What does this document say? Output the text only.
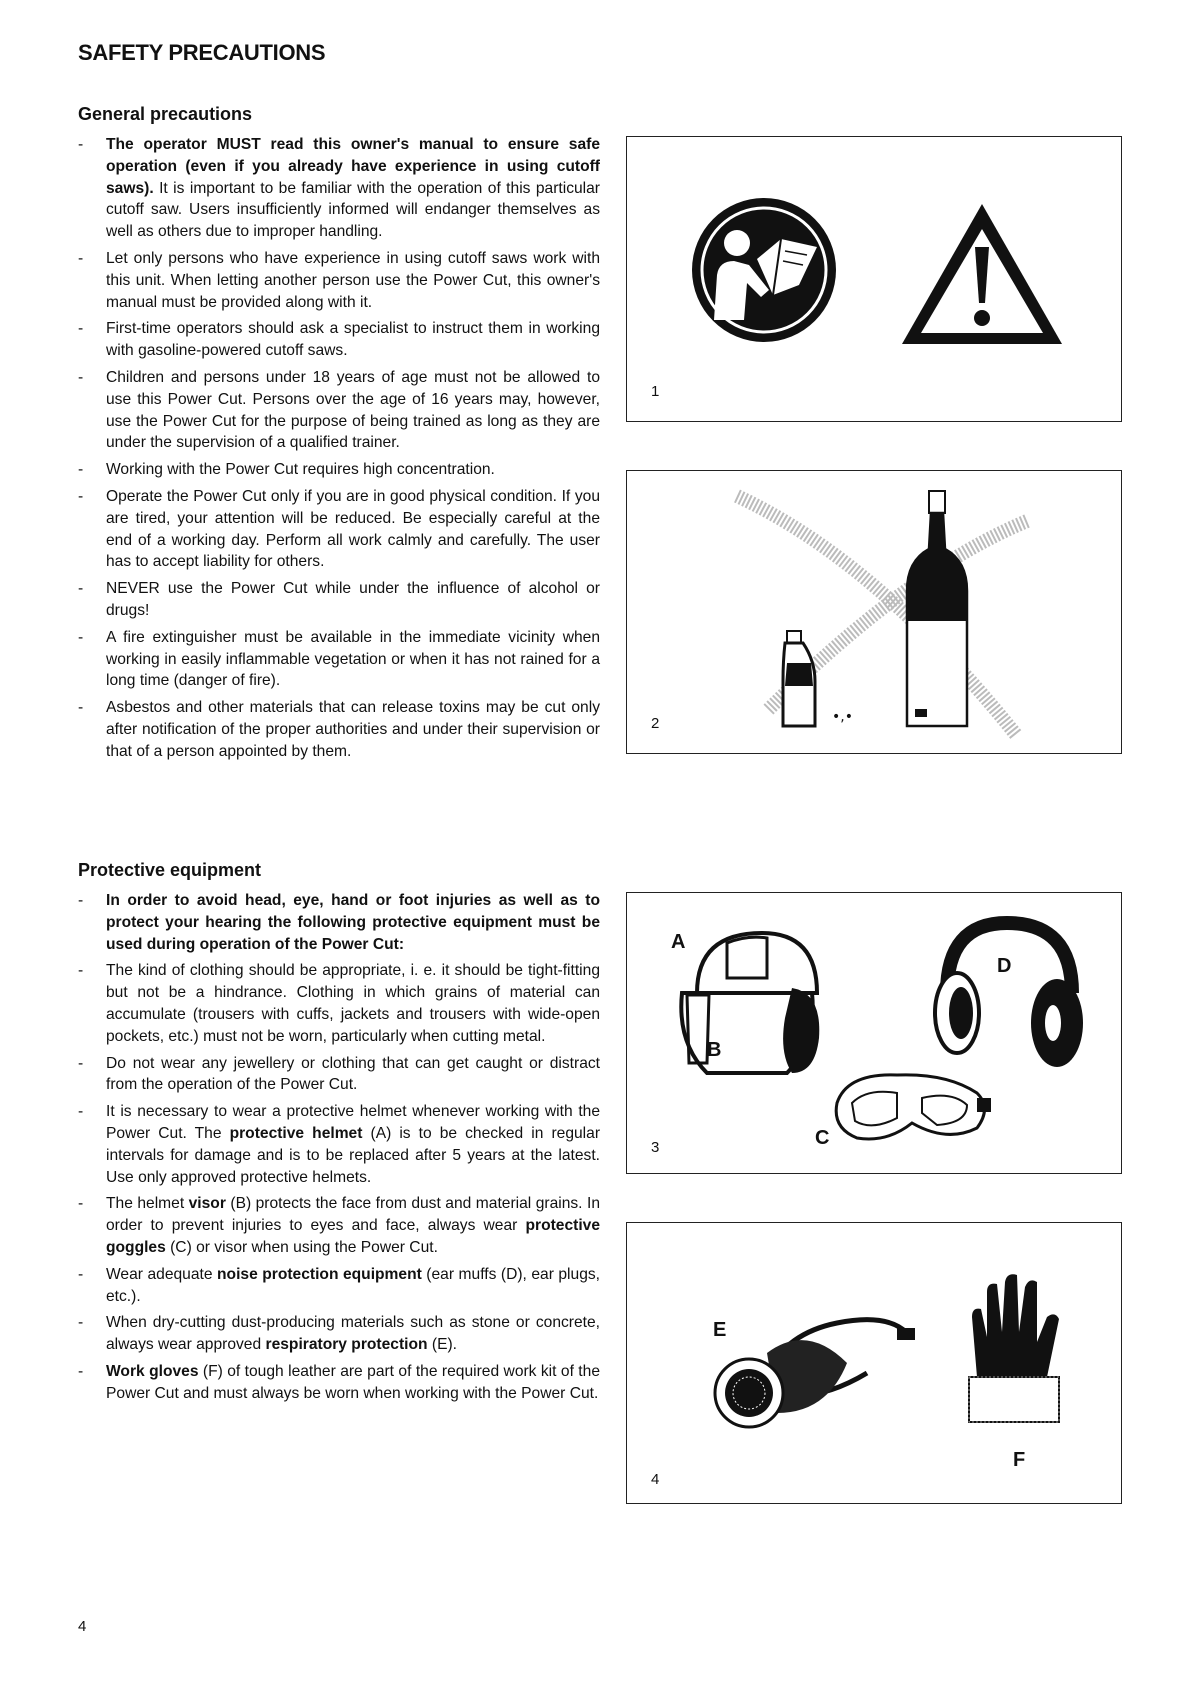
SAFETY PRECAUTIONS
General precautions
- The operator MUST read this owner's manual to ensure safe operation (even if you already have experience in using cutoff saws). It is important to be familiar with the operation of this particular cutoff saw. Users insufficiently informed will endanger themselves as well as others due to improper handling.
- Let only persons who have experience in using cutoff saws work with this unit. When letting another person use the Power Cut, this owner's manual must be provided along with it.
- First-time operators should ask a specialist to instruct them in working with gasoline-powered cutoff saws.
- Children and persons under 18 years of age must not be allowed to use this Power Cut. Persons over the age of 16 years may, however, use the Power Cut for the purpose of being trained as long as they are under the supervision of a qualified trainer.
- Working with the Power Cut requires high concentration.
- Operate the Power Cut only if you are in good physical condition. If you are tired, your attention will be reduced. Be especially careful at the end of a working day. Perform all work calmly and carefully. The user has to accept liability for others.
- NEVER use the Power Cut while under the influence of alcohol or drugs!
- A fire extinguisher must be available in the immediate vicinity when working in easily inflammable vegetation or when it has not rained for a long time (danger of fire).
- Asbestos and other materials that can release toxins may be cut only after notification of the proper authorities and under their supervision or that of a person appointed by them.
Protective equipment
- In order to avoid head, eye, hand or foot injuries as well as to protect your hearing the following protective equipment must be used during operation of the Power Cut:
- The kind of clothing should be appropriate, i. e. it should be tight-fitting but not be a hindrance. Clothing in which grains of material can accumulate (trousers with cuffs, jackets and trousers with wide-open pockets, etc.) must not be worn, particularly when cutting metal.
- Do not wear any jewellery or clothing that can get caught or distract from the operation of the Power Cut.
- It is necessary to wear a protective helmet whenever working with the Power Cut. The protective helmet (A) is to be checked in regular intervals for damage and is to be replaced after 5 years at the latest. Use only approved protective helmets.
- The helmet visor (B) protects the face from dust and material grains. In order to prevent injuries to eyes and face, always wear protective goggles (C) or visor when using the Power Cut.
- Wear adequate noise protection equipment (ear muffs (D), ear plugs, etc.).
- When dry-cutting dust-producing materials such as stone or concrete, always wear approved respiratory protection (E).
- Work gloves (F) of tough leather are part of the required work kit of the Power Cut and must always be worn when working with the Power Cut.
1
•,•
2
A
B
C
D
3
E
F
4
4
